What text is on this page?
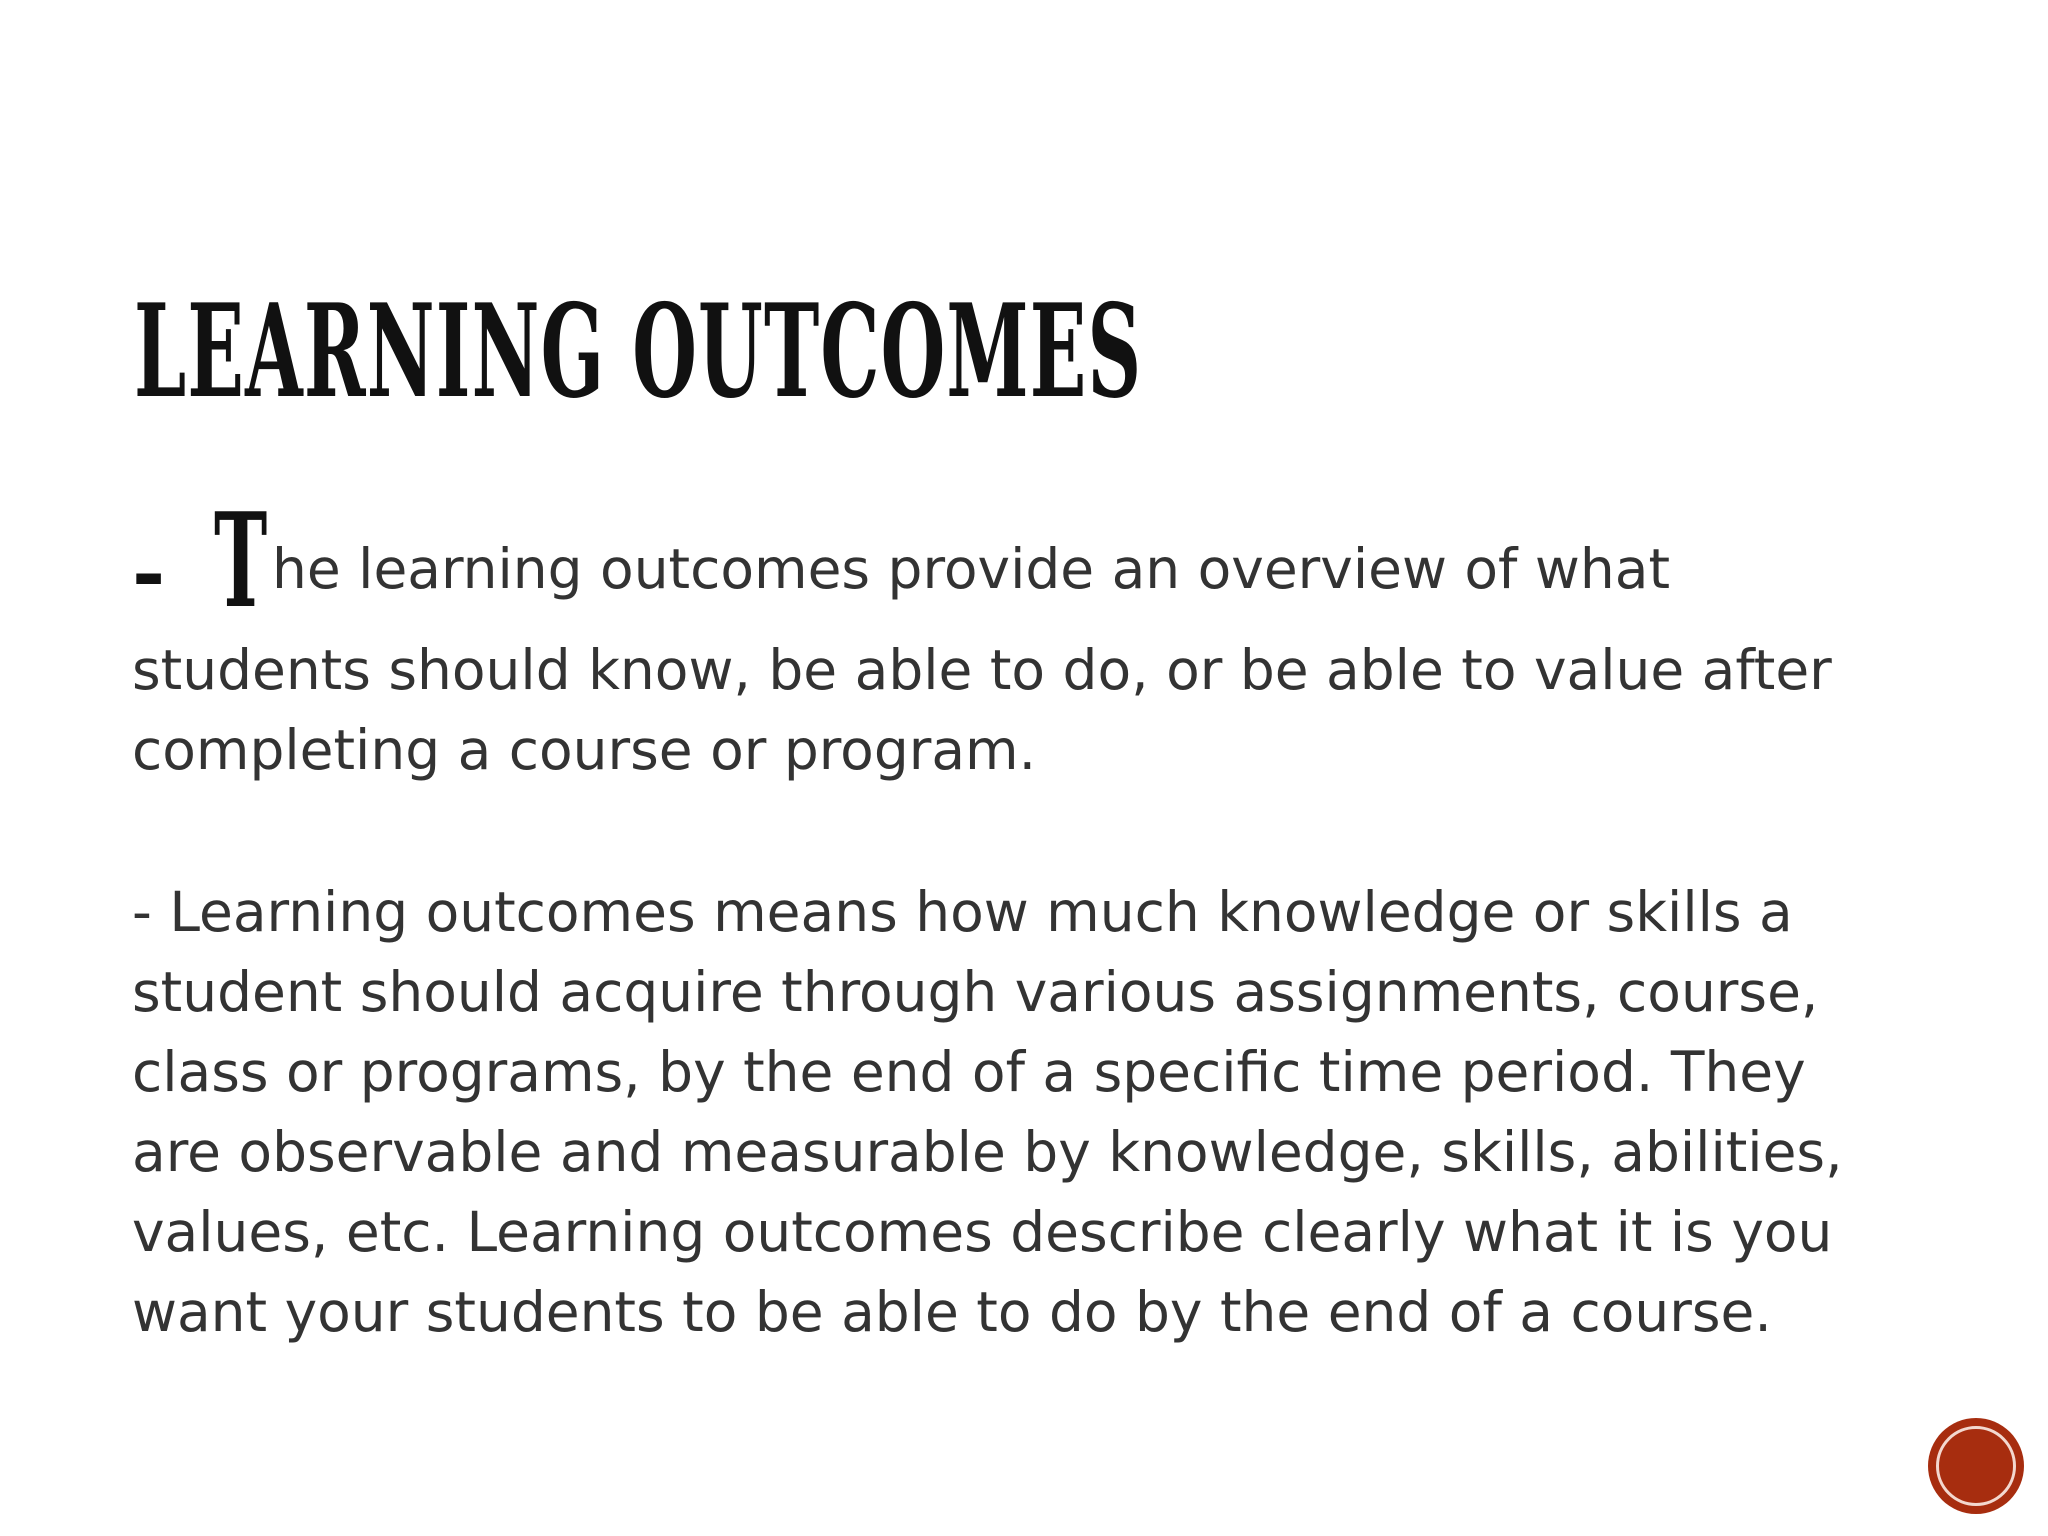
LEARNING OUTCOMES
- T he learning outcomes provide an overview of what
students should know, be able to do, or be able to value after
completing a course or program.
- Learning outcomes means how much knowledge or skills a
student should acquire through various assignments, course,
class or programs, by the end of a specific time period. They
are observable and measurable by knowledge, skills, abilities,
values, etc. Learning outcomes describe clearly what it is you
want your students to be able to do by the end of a course.
